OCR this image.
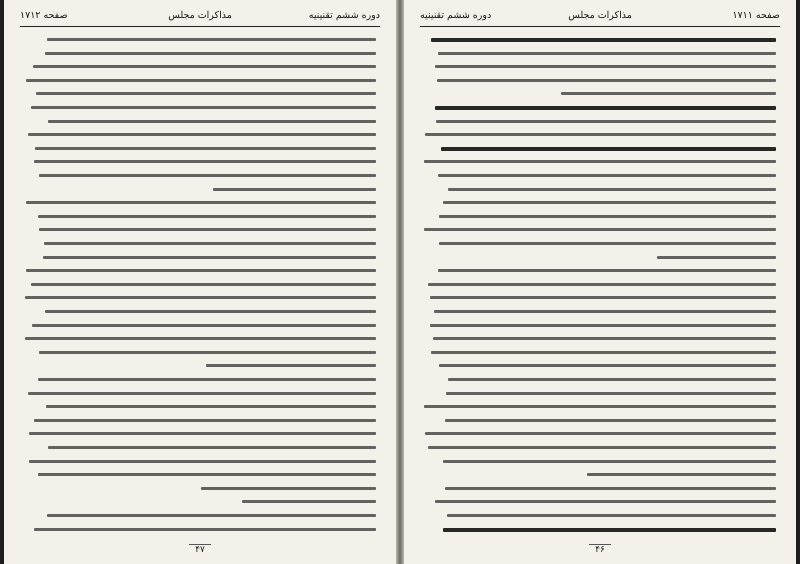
دوره ششم تقنینیه
مذاکرات مجلس
صفحه ۱۷۱۲
۴۷
صفحه ۱۷۱۱
مذاکرات مجلس
دوره ششم تقنینیه
۴۶
